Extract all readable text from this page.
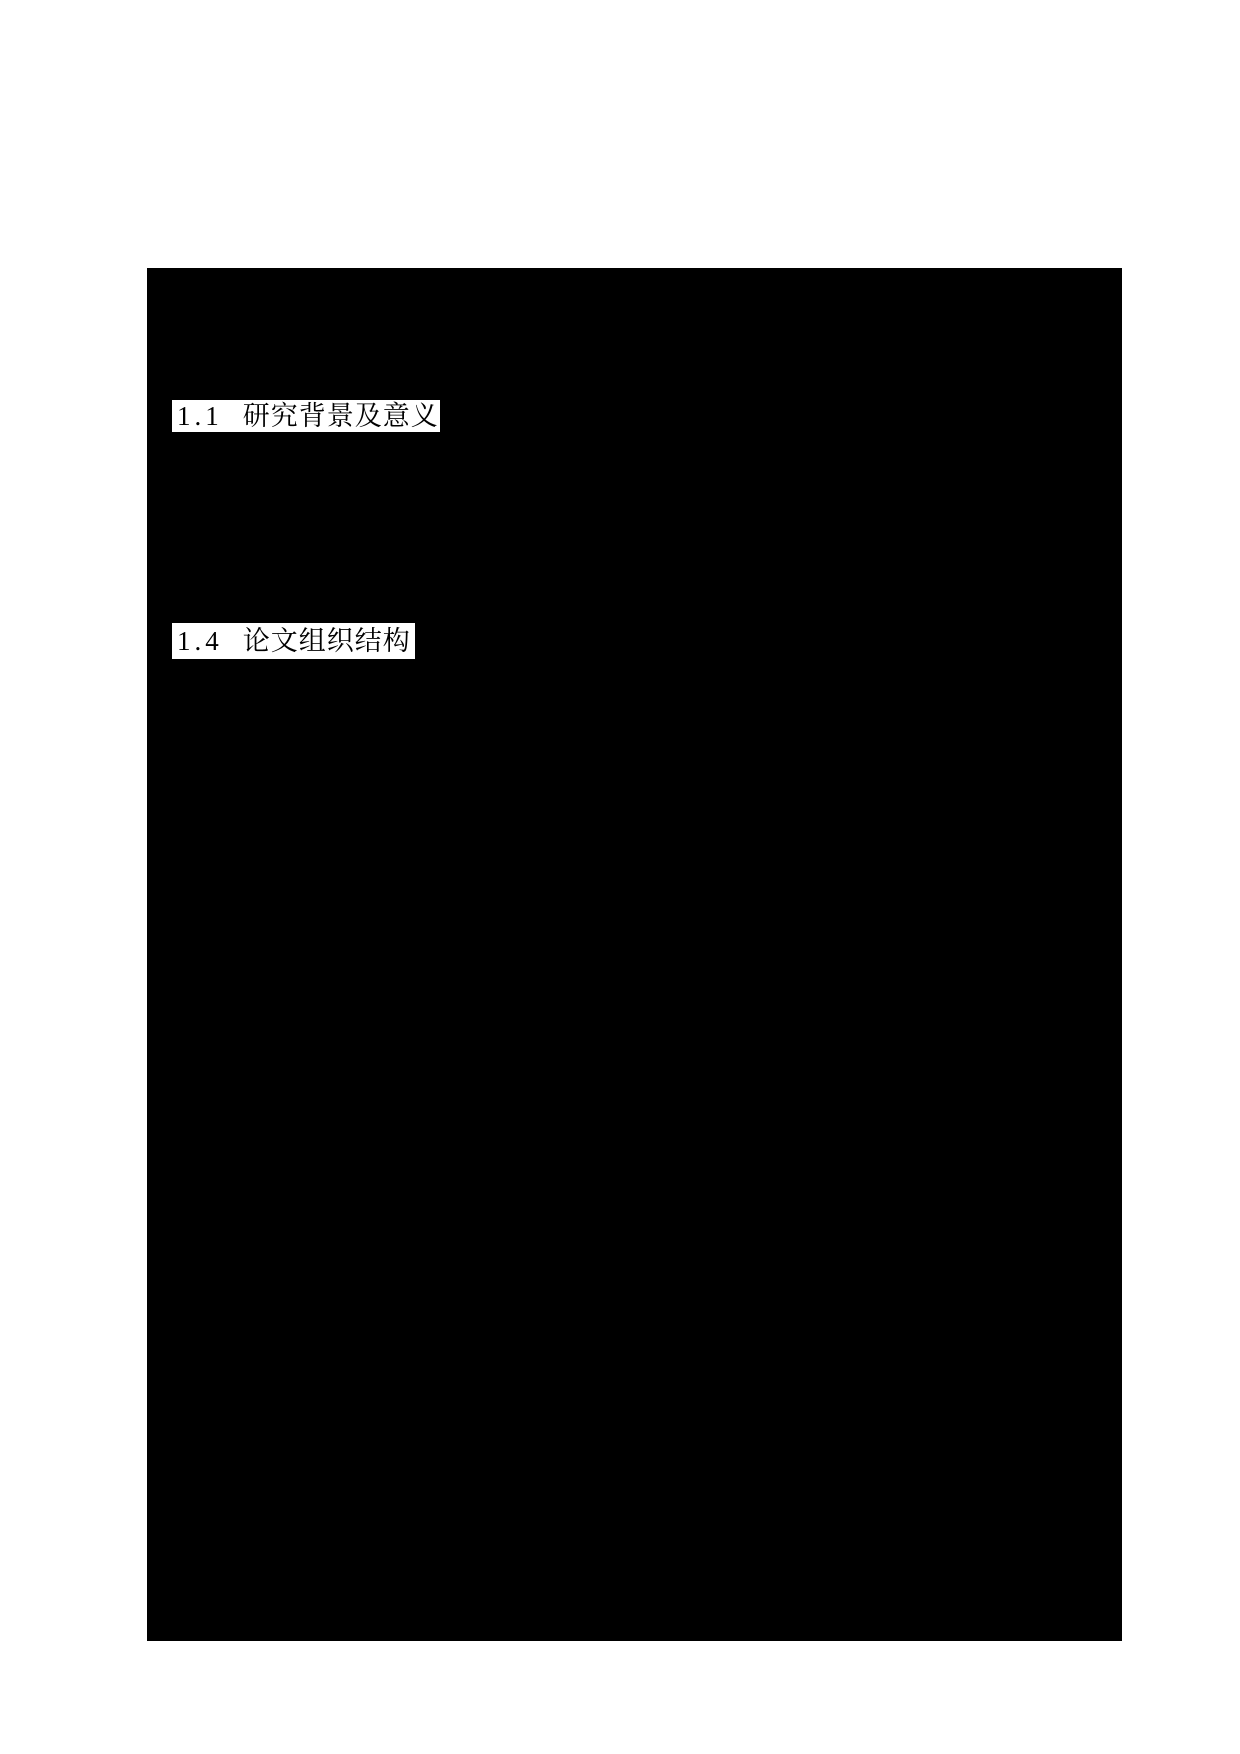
1.1 研究背景及意义
1.4 论文组织结构
